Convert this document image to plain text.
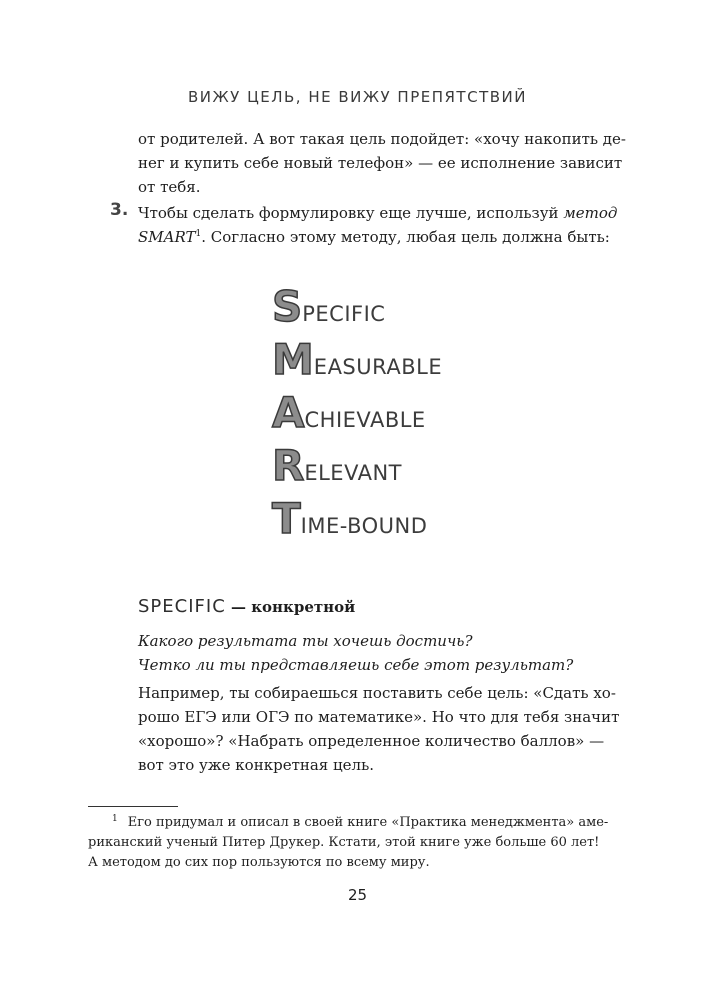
ВИЖУ ЦЕЛЬ, НЕ ВИЖУ ПРЕПЯТСТВИЙ
от родителей. А вот такая цель подойдет: «хочу накопить де-
нег и купить себе новый телефон» — ее исполнение зависит
от тебя.
3. Чтобы сделать формулировку еще лучше, используй метод
SMART$^1$. Согласно этому методу, любая цель должна быть:
SPECIFIC
MEASURABLE
ACHIEVABLE
RELEVANT
TIME-BOUND
SPECIFIC — конкретной
Какого результата ты хочешь достичь?
Четко ли ты представляешь себе этот результат?
Например, ты собираешься поставить себе цель: «Сдать хо-
рошо ЕГЭ или ОГЭ по математике». Но что для тебя значит
«хорошо»? «Набрать определенное количество баллов» —
вот это уже конкретная цель.
$^1$ Его придумал и описал в своей книге «Практика менеджмента» аме-
риканский ученый Питер Друкер. Кстати, этой книге уже больше 60 лет!
А методом до сих пор пользуются по всему миру.
25
